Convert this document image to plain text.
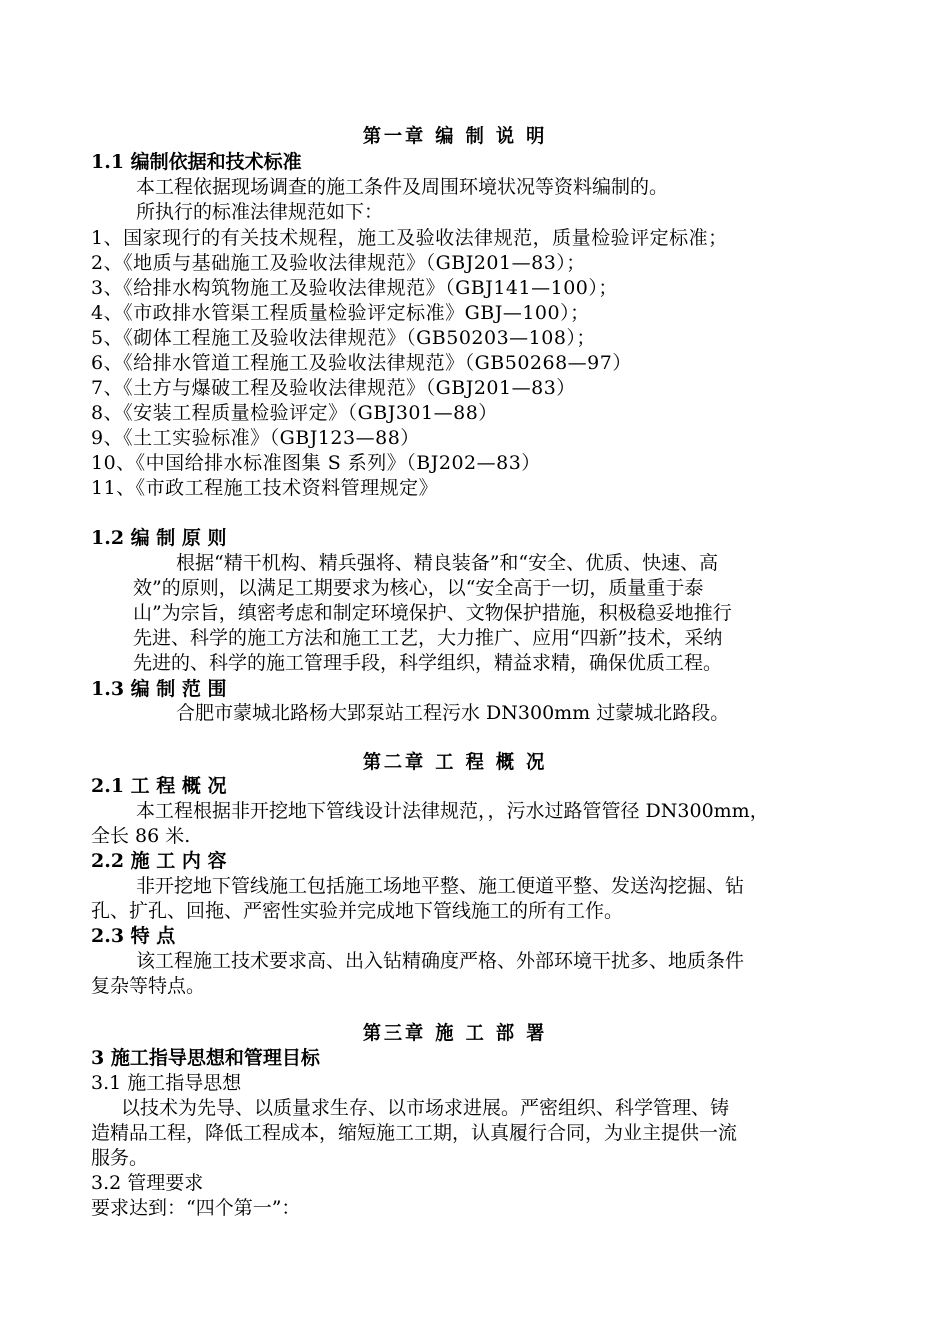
第一章 编 制 说 明
1.1 编制依据和技术标准
本工程依据现场调查的施工条件及周围环境状况等资料编制的。
所执行的标准法律规范如下：
1、国家现行的有关技术规程，施工及验收法律规范，质量检验评定标准；
2、《地质与基础施工及验收法律规范》（GBJ201—83）；
3、《给排水构筑物施工及验收法律规范》（GBJ141—100）；
4、《市政排水管渠工程质量检验评定标准》GBJ—100）；
5、《砌体工程施工及验收法律规范》（GB50203—108）；
6、《给排水管道工程施工及验收法律规范》（GB50268—97）
7、《土方与爆破工程及验收法律规范》（GBJ201—83）
8、《安装工程质量检验评定》（GBJ301—88）
9、《土工实验标准》（GBJ123—88）
10、《中国给排水标准图集 S 系列》（BJ202—83）
11、《市政工程施工技术资料管理规定》
1.2 编 制 原 则
根据“精干机构、精兵强将、精良装备”和“安全、优质、快速、高
效”的原则，以满足工期要求为核心，以“安全高于一切，质量重于泰
山”为宗旨，缜密考虑和制定环境保护、文物保护措施，积极稳妥地推行
先进、科学的施工方法和施工工艺，大力推广、应用“四新”技术，采纳
先进的、科学的施工管理手段，科学组织，精益求精，确保优质工程。
1.3 编 制 范 围
合肥市蒙城北路杨大郢泵站工程污水 DN300mm 过蒙城北路段。
第二章 工 程 概 况
2.1 工 程 概 况
本工程根据非开挖地下管线设计法律规范，，污水过路管管径 DN300mm，
全长 86 米.
2.2 施 工 内 容
非开挖地下管线施工包括施工场地平整、施工便道平整、发送沟挖掘、钻
孔、扩孔、回拖、严密性实验并完成地下管线施工的所有工作。
2.3 特 点
该工程施工技术要求高、出入钻精确度严格、外部环境干扰多、地质条件
复杂等特点。
第三章 施 工 部 署
3 施工指导思想和管理目标
3.1 施工指导思想
以技术为先导、以质量求生存、以市场求进展。严密组织、科学管理、铸
造精品工程，降低工程成本，缩短施工工期，认真履行合同，为业主提供一流
服务。
3.2 管理要求
要求达到：“四个第一”：
